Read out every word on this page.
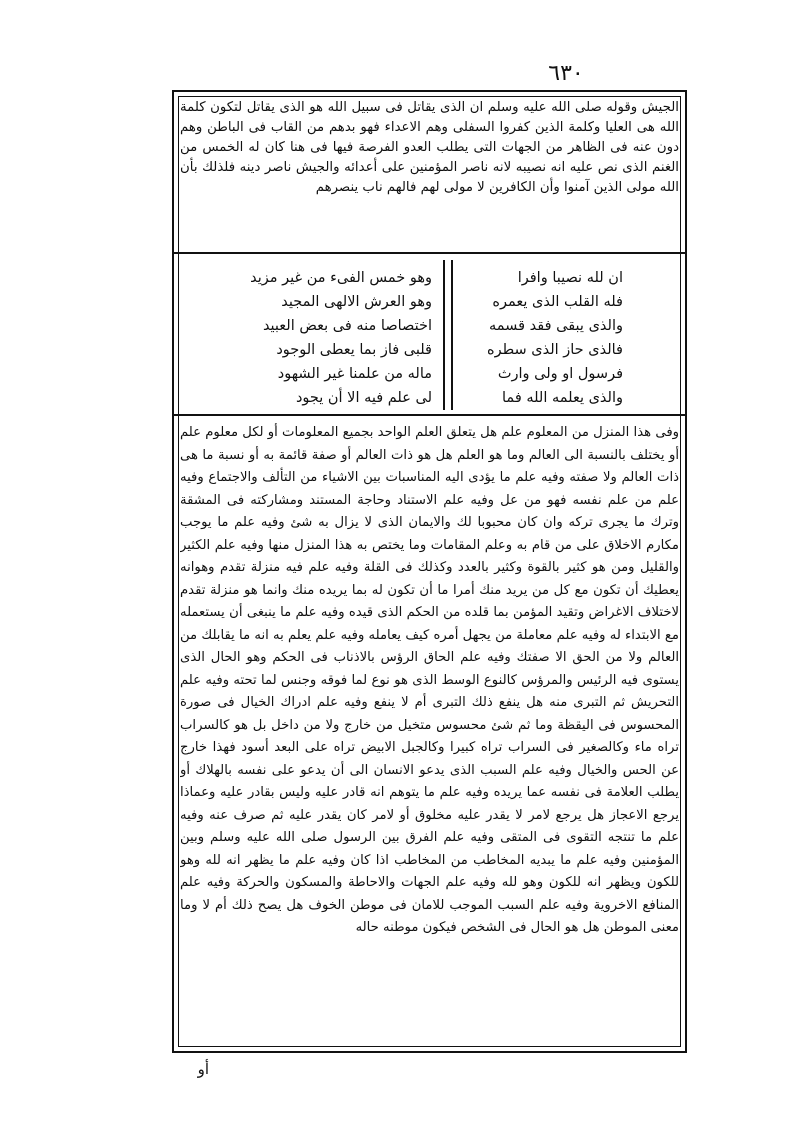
٦٣٠
الجيش وقوله صلى الله عليه وسلم ان الذى يقاتل فى سبيل الله هو الذى يقاتل لتكون كلمة الله هى العليا وكلمة الذين كفروا السفلى وهم الاعداء فهو بدهم من القاب فى الباطن وهم دون عنه فى الظاهر من الجهات التى يطلب العدو الفرصة فيها فى هنا كان له الخمس من الغنم الذى نص عليه انه نصيبه لانه ناصر المؤمنين على أعدائه والجيش ناصر دينه فلذلك بأن الله مولى الذين آمنوا وأن الكافرين لا مولى لهم فالهم ناب ينصرهم
ان لله نصيبا وافرا
فله القلب الذى يعمره
والذى يبقى فقد قسمه
فالذى حاز الذى سطره
فرسول او ولى وارث
والذى يعلمه الله فما
وهو خمس الفىء من غير مزيد
وهو العرش الالهى المجيد
اختصاصا منه فى بعض العبيد
قلبى فاز بما يعطى الوجود
ماله من علمنا غير الشهود
لى علم فيه الا أن يجود
وفى هذا المنزل من المعلوم علم هل يتعلق العلم الواحد بجميع المعلومات أو لكل معلوم علم أو يختلف بالنسبة الى العالم وما هو العلم هل هو ذات العالم أو صفة قائمة به أو نسبة ما هى ذات العالم ولا صفته وفيه علم ما يؤدى اليه المناسبات بين الاشياء من التألف والاجتماع وفيه علم من علم نفسه فهو من عل وفيه علم الاستناد وحاجة المستند ومشاركته فى المشقة وترك ما يجرى تركه وان كان محبوبا لك والايمان الذى لا يزال به شئ وفيه علم ما يوجب مكارم الاخلاق على من قام به وعلم المقامات وما يختص به هذا المنزل منها وفيه علم الكثير والقليل ومن هو كثير بالقوة وكثير بالعدد وكذلك فى القلة وفيه علم فيه منزلة تقدم وهوانه يعطيك أن تكون مع كل من يريد منك أمرا ما أن تكون له بما يريده منك وانما هو منزلة تقدم لاختلاف الاغراض وتقيد المؤمن بما قلده من الحكم الذى قيده وفيه علم ما ينبغى أن يستعمله مع الابتداء له وفيه علم معاملة من يجهل أمره كيف يعامله وفيه علم يعلم به انه ما يقابلك من العالم ولا من الحق الا صفتك وفيه علم الحاق الرؤس بالاذناب فى الحكم وهو الحال الذى يستوى فيه الرئيس والمرؤس كالنوع الوسط الذى هو نوع لما فوقه وجنس لما تحته وفيه علم التحريش ثم التبرى منه هل ينفع ذلك التبرى أم لا ينفع وفيه علم ادراك الخيال فى صورة المحسوس فى اليقظة وما ثم شئ محسوس متخيل من خارج ولا من داخل بل هو كالسراب تراه ماء وكالصغير فى السراب تراه كبيرا وكالجبل الابيض تراه على البعد أسود فهذا خارج عن الحس والخيال وفيه علم السبب الذى يدعو الانسان الى أن يدعو على نفسه بالهلاك أو يطلب العلامة فى نفسه عما يريده وفيه علم ما يتوهم انه قادر عليه وليس بقادر عليه وعماذا يرجع الاعجاز هل يرجع لامر لا يقدر عليه مخلوق أو لامر كان يقدر عليه ثم صرف عنه وفيه علم ما تنتجه التقوى فى المتقى وفيه علم الفرق بين الرسول صلى الله عليه وسلم وبين المؤمنين وفيه علم ما يبديه المخاطب من المخاطب اذا كان وفيه علم ما يظهر انه لله وهو للكون ويظهر انه للكون وهو لله وفيه علم الجهات والاحاطة والمسكون والحركة وفيه علم المنافع الاخروية وفيه علم السبب الموجب للامان فى موطن الخوف هل يصح ذلك أم لا وما معنى الموطن هل هو الحال فى الشخص فيكون موطنه حاله
أو
